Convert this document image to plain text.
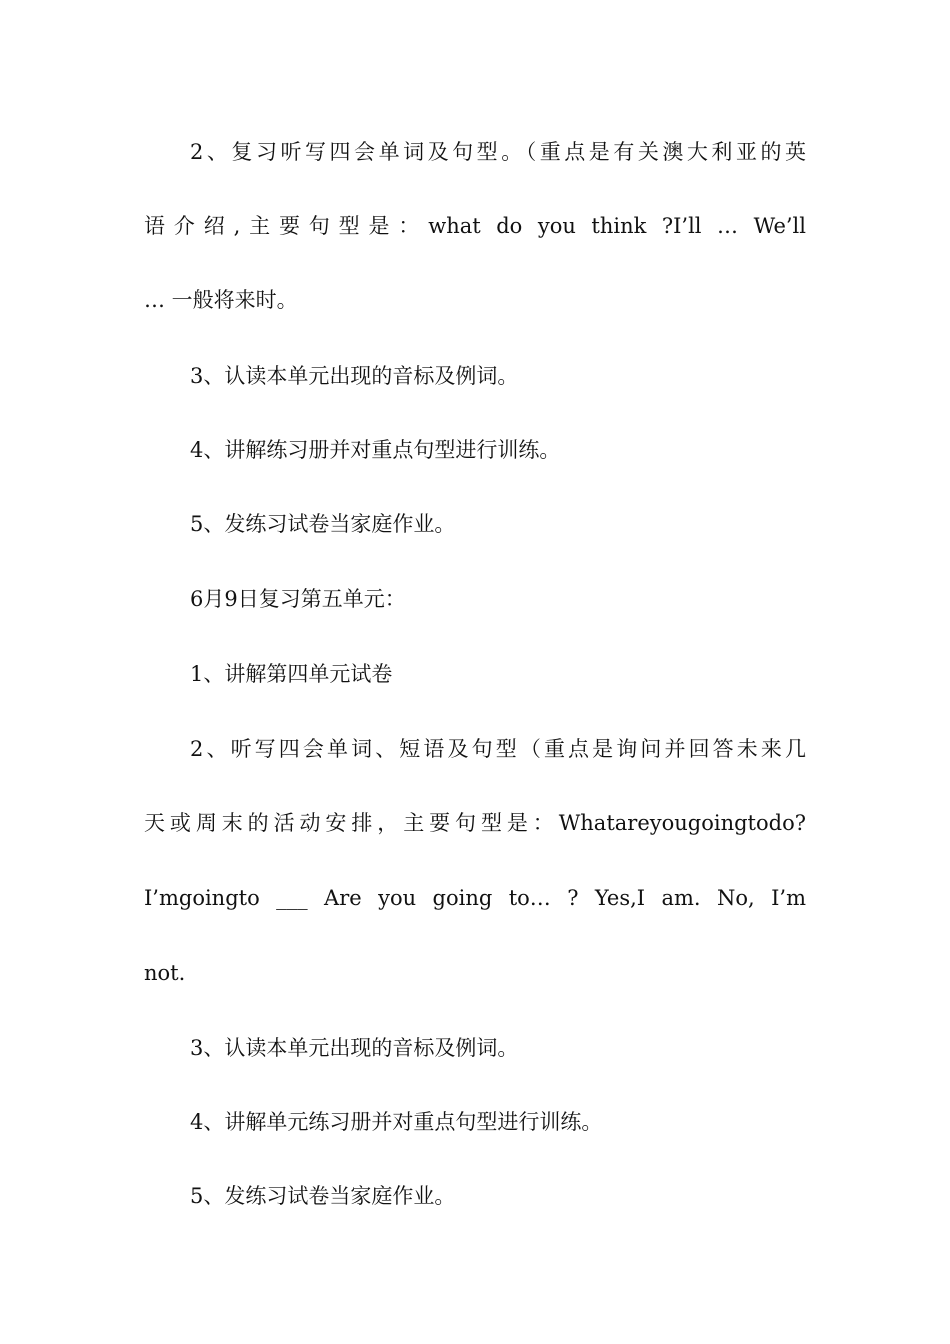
2、复习听写四会单词及句型。（重点是有关澳大利亚的英
语介绍,主要句型是：what do you think ?I’ll … We’ll
… 一般将来时。
3、认读本单元出现的音标及例词。
4、讲解练习册并对重点句型进行训练。
5、发练习试卷当家庭作业。
6月9日复习第五单元：
1、讲解第四单元试卷
2、听写四会单词、短语及句型（重点是询问并回答未来几
天或周末的活动安排，主要句型是：Whatareyougoingtodo?
I’mgoingto ___ Are you going to… ? Yes,I am. No, I’m
not.
3、认读本单元出现的音标及例词。
4、讲解单元练习册并对重点句型进行训练。
5、发练习试卷当家庭作业。
